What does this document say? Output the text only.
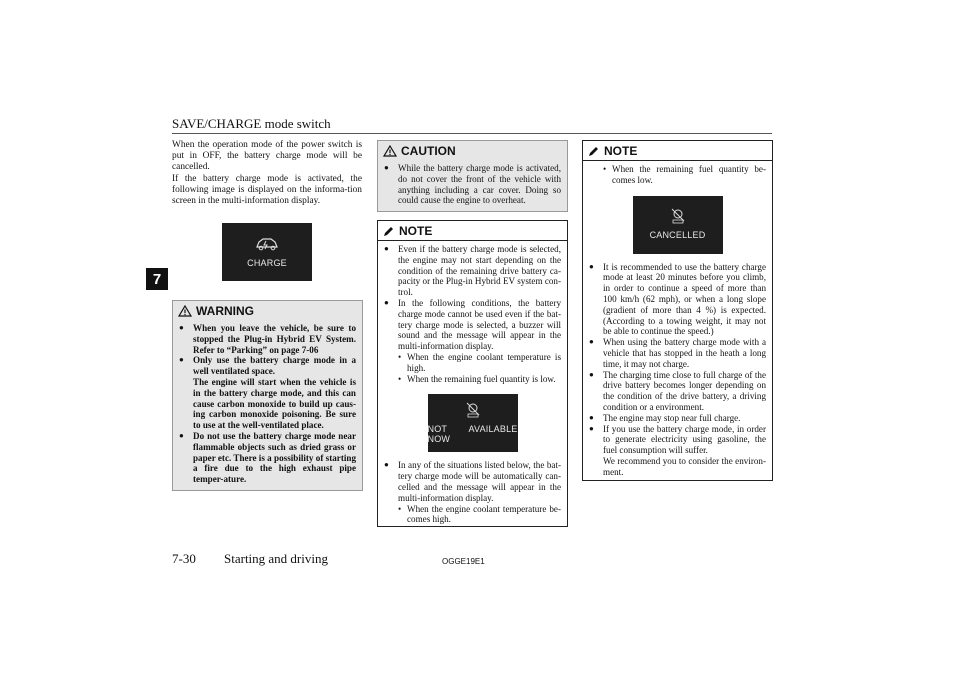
SAVE/CHARGE mode switch
7

When the operation mode of the power switch is put in OFF, the battery charge mode will be cancelled.

If the battery charge mode is activated, the following image is displayed on the informa-tion screen in the multi-information display.

CHARGE
WARNING
●	When you leave the vehicle, be sure to stopped the Plug-in Hybrid EV System. Refer to “Parking” on page 7-06
●	Only use the battery charge mode in a well ventilated space.
The engine will start when the vehicle is in the battery charge mode, and this can cause carbon monoxide to build up caus-ing carbon monoxide poisoning. Be sure to use at the well-ventilated place.
●	Do not use the battery charge mode near flammable objects such as dried grass or paper etc. There is a possibility of starting a fire due to the high exhaust pipe temper-ature.
CAUTION
●	While the battery charge mode is activated, do not cover the front of the vehicle with anything including a car cover. Doing so could cause the engine to overheat.
NOTE
●	Even if the battery charge mode is selected, the engine may not start depending on the condition of the remaining drive battery ca-pacity or the Plug-in Hybrid EV system con-trol.
●	In the following conditions, the battery charge mode cannot be used even if the bat-tery charge mode is selected, a buzzer will sound and the message will appear in the multi-information display.
• When the engine coolant temperature is high.
• When the remaining fuel quantity is low.
NOT AVAILABLE NOW
●	In any of the situations listed below, the bat-tery charge mode will be automatically can-celled and the message will appear in the multi-information display.
• When the engine coolant temperature be-comes high.
NOTE
• When the remaining fuel quantity be-comes low.
CANCELLED
●	It is recommended to use the battery charge mode at least 20 minutes before you climb, in order to continue a speed of more than 100 km/h (62 mph), or when a long slope (gradient of more than 4 %) is expected. (According to a towing weight, it may not be able to continue the speed.)
●	When using the battery charge mode with a vehicle that has stopped in the heath a long time, it may not charge.
●	The charging time close to full charge of the drive battery becomes longer depending on the condition of the drive battery, a driving condition or a environment.
●	The engine may stop near full charge.
●	If you use the battery charge mode, in order to generate electricity using gasoline, the fuel consumption will suffer.
We recommend you to consider the environ-ment.
7-30 Starting and driving	OGGE19E1
